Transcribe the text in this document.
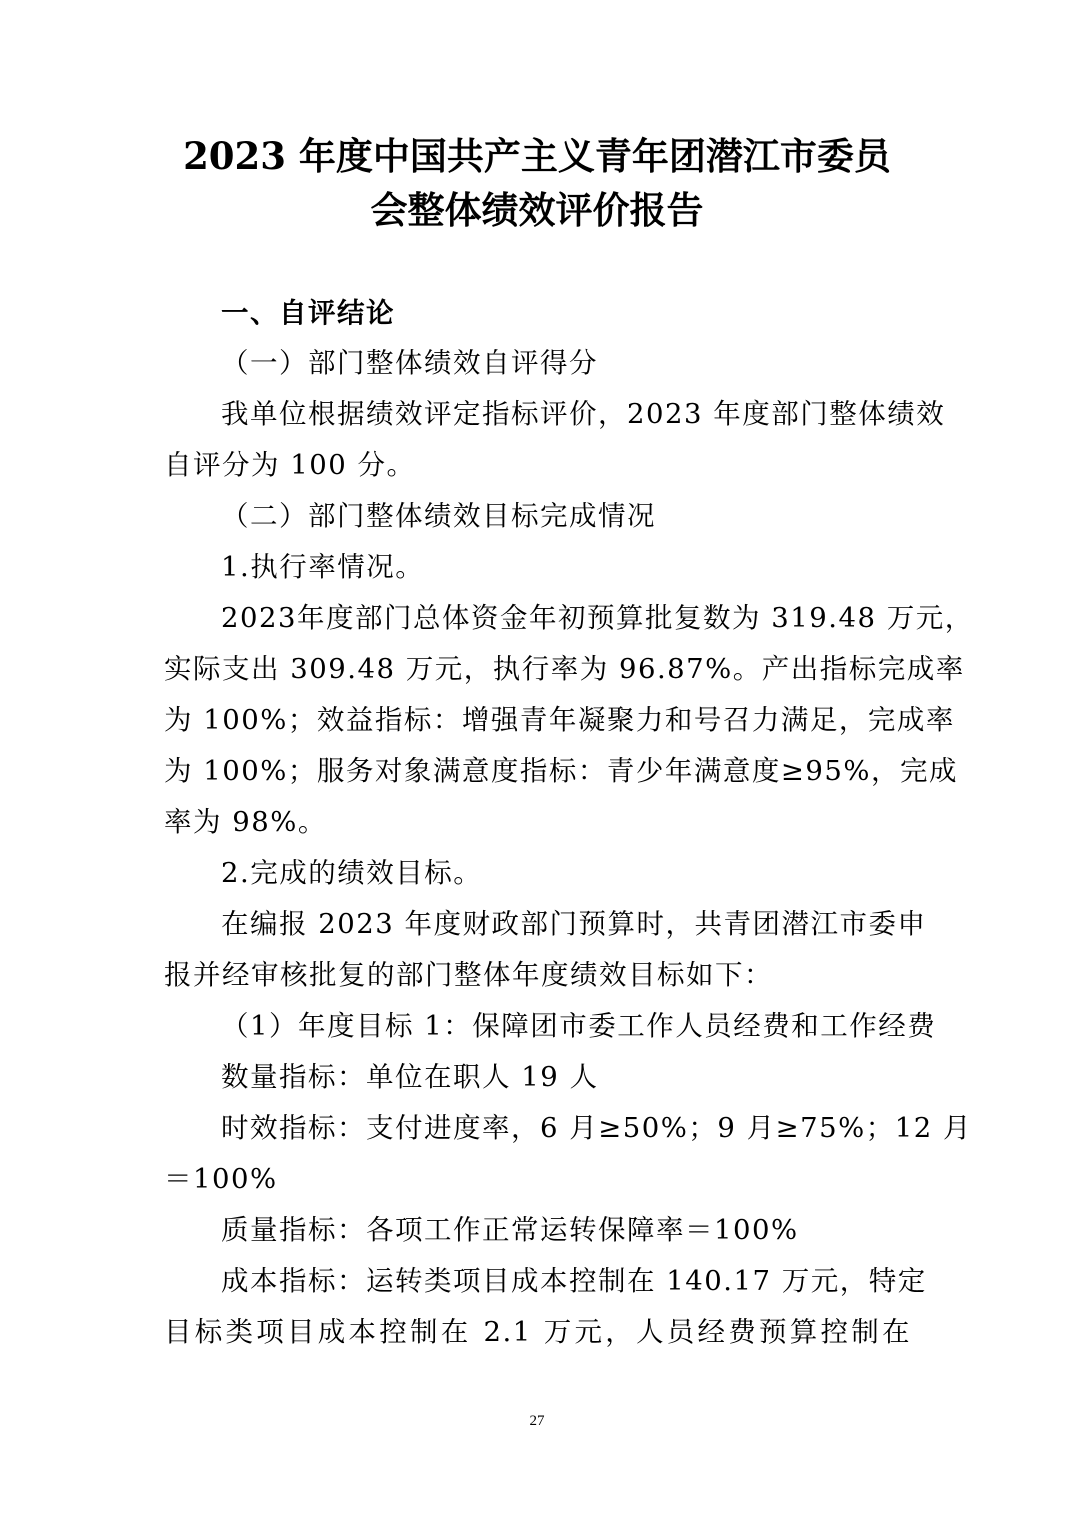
2023 年度中国共产主义青年团潜江市委员
会整体绩效评价报告
一、自评结论
（一）部门整体绩效自评得分
我单位根据绩效评定指标评价，2023 年度部门整体绩效
自评分为 100 分。
（二）部门整体绩效目标完成情况
1.执行率情况。
2023年度部门总体资金年初预算批复数为 319.48 万元，
实际支出 309.48 万元，执行率为 96.87%。产出指标完成率
为 100%；效益指标：增强青年凝聚力和号召力满足，完成率
为 100%；服务对象满意度指标：青少年满意度≥95%，完成
率为 98%。
2.完成的绩效目标。
在编报 2023 年度财政部门预算时，共青团潜江市委申
报并经审核批复的部门整体年度绩效目标如下：
（1）年度目标 1：保障团市委工作人员经费和工作经费
数量指标：单位在职人 19 人
时效指标：支付进度率，6 月≥50%；9 月≥75%；12 月
＝100%
质量指标：各项工作正常运转保障率＝100%
成本指标：运转类项目成本控制在 140.17 万元，特定
目标类项目成本控制在 2.1 万元，人员经费预算控制在
27
